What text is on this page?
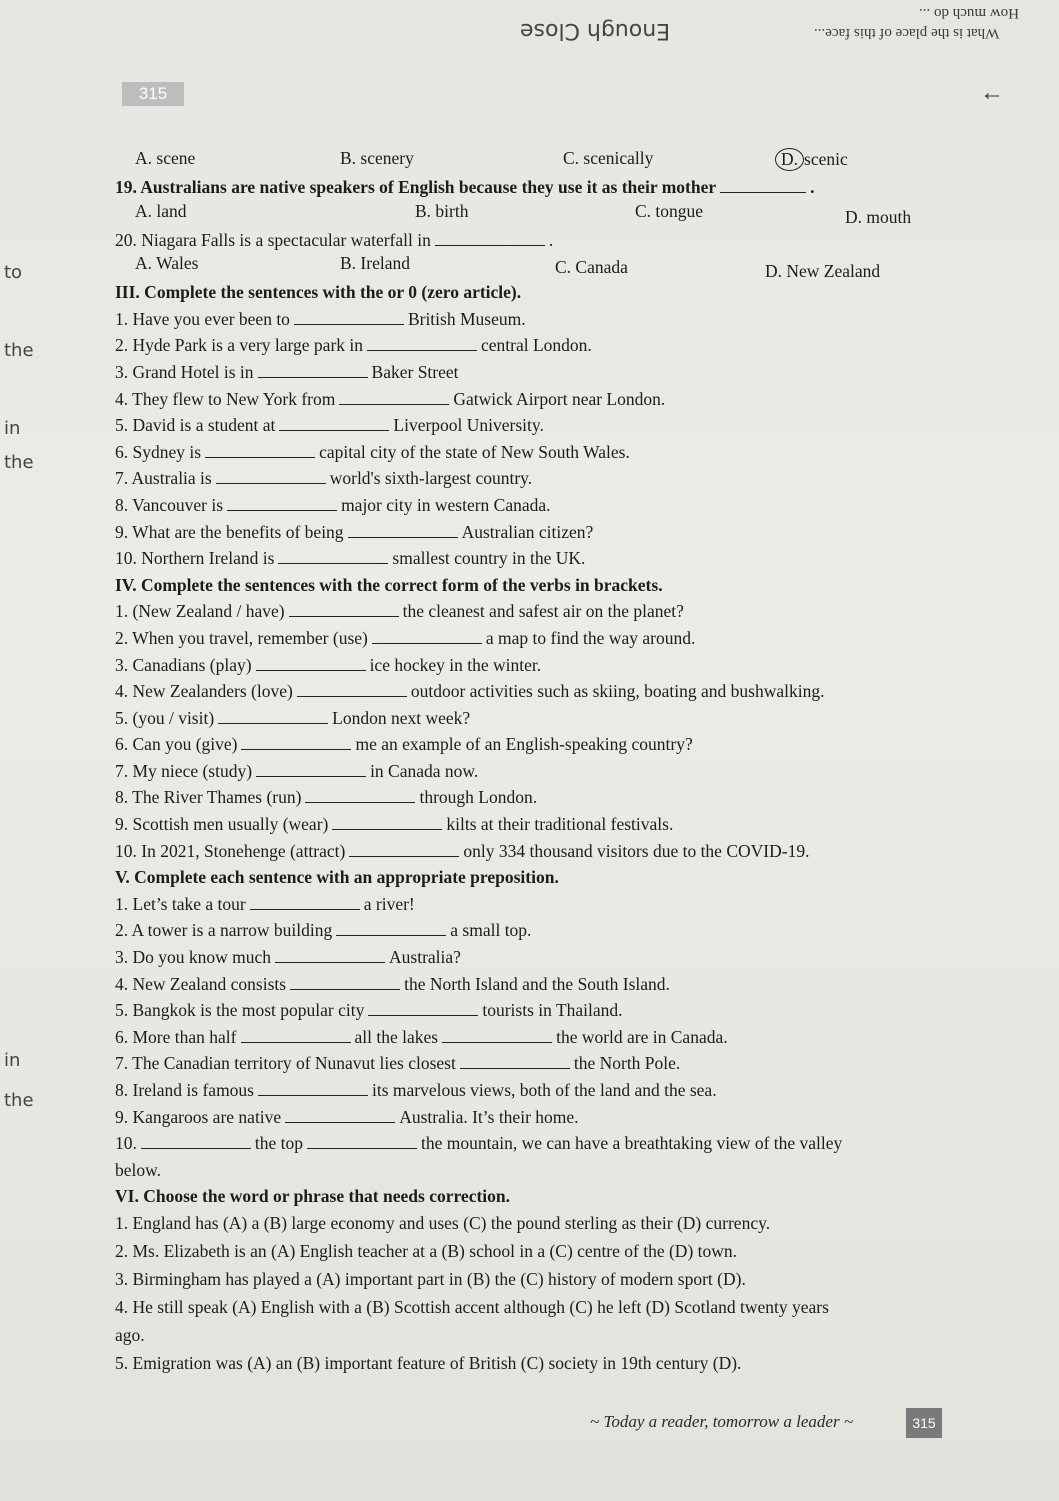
How much do ...
What is the place of this face...
Enough Close
315	←
to
the
in
the
in
the
A. scene	B. scenery	C. scenically	D. scenic
19. Australians are native speakers of English because they use it as their mother	.
A. land	B. birth	C. tongue	D. mouth
20. Niagara Falls is a spectacular waterfall in	.
A. Wales	B. Ireland	C. Canada	D. New Zealand
III. Complete the sentences with the or 0 (zero article).
1. Have you ever been to	British Museum.
2. Hyde Park is a very large park in	central London.
3. Grand Hotel is in	Baker Street
4. They flew to New York from	Gatwick Airport near London.
5. David is a student at	Liverpool University.
6. Sydney is	capital city of the state of New South Wales.
7. Australia is	world's sixth-largest country.
8. Vancouver is	major city in western Canada.
9. What are the benefits of being	Australian citizen?
10. Northern Ireland is	smallest country in the UK.
IV. Complete the sentences with the correct form of the verbs in brackets.
1. (New Zealand / have)	the cleanest and safest air on the planet?
2. When you travel, remember (use)	a map to find the way around.
3. Canadians (play)	ice hockey in the winter.
4. New Zealanders (love)	outdoor activities such as skiing, boating and bushwalking.
5. (you / visit)	London next week?
6. Can you (give)	me an example of an English-speaking country?
7. My niece (study)	in Canada now.
8. The River Thames (run)	through London.
9. Scottish men usually (wear)	kilts at their traditional festivals.
10. In 2021, Stonehenge (attract)	only 334 thousand visitors due to the COVID-19.
V. Complete each sentence with an appropriate preposition.
1. Let’s take a tour	a river!
2. A tower is a narrow building	a small top.
3. Do you know much	Australia?
4. New Zealand consists	the North Island and the South Island.
5. Bangkok is the most popular city	tourists in Thailand.
6. More than half	all the lakes	the world are in Canada.
7. The Canadian territory of Nunavut lies closest	the North Pole.
8. Ireland is famous	its marvelous views, both of the land and the sea.
9. Kangaroos are native	Australia. It’s their home.
10.	the top	the mountain, we can have a breathtaking view of the valley
below.
VI. Choose the word or phrase that needs correction.
1. England has (A) a (B) large economy and uses (C) the pound sterling as their (D) currency.
2. Ms. Elizabeth is an (A) English teacher at a (B) school in a (C) centre of the (D) town.
3. Birmingham has played a (A) important part in (B) the (C) history of modern sport (D).
4. He still speak (A) English with a (B) Scottish accent although (C) he left (D) Scotland twenty years
ago.
5. Emigration was (A) an (B) important feature of British (C) society in 19th century (D).
~ Today a reader, tomorrow a leader ~	315
